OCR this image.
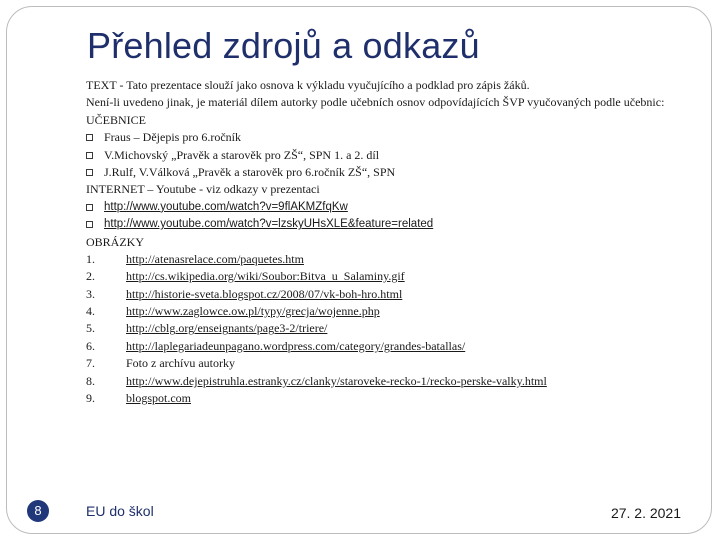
Přehled zdrojů a odkazů
TEXT - Tato prezentace slouží jako osnova k výkladu vyučujícího a podklad pro zápis žáků.
Není-li uvedeno jinak, je materiál dílem autorky podle učebních osnov odpovídajících ŠVP vyučovaných podle učebnic:
UČEBNICE
Fraus – Dějepis pro 6.ročník
V.Michovský „Pravěk a starověk pro ZŠ“, SPN 1. a 2. díl
J.Rulf, V.Válková „Pravěk a starověk pro 6.ročník ZŠ“, SPN
INTERNET – Youtube - viz odkazy v prezentaci
http://www.youtube.com/watch?v=9flAKMZfqKw
http://www.youtube.com/watch?v=lzskyUHsXLE&feature=related
OBRÁZKY
1.	http://atenasrelace.com/paquetes.htm
2.	http://cs.wikipedia.org/wiki/Soubor:Bitva_u_Salaminy.gif
3.	http://historie-sveta.blogspot.cz/2008/07/vk-boh-hro.html
4.	http://www.zaglowce.ow.pl/typy/grecja/wojenne.php
5.	http://cblg.org/enseignants/page3-2/triere/
6.	http://laplegariadeunpagano.wordpress.com/category/grandes-batallas/
7.	Foto z archívu autorky
8.	http://www.dejepistruhla.estranky.cz/clanky/staroveke-recko-1/recko-perske-valky.html
9.	blogspot.com
8	EU do škol	27. 2. 2021
